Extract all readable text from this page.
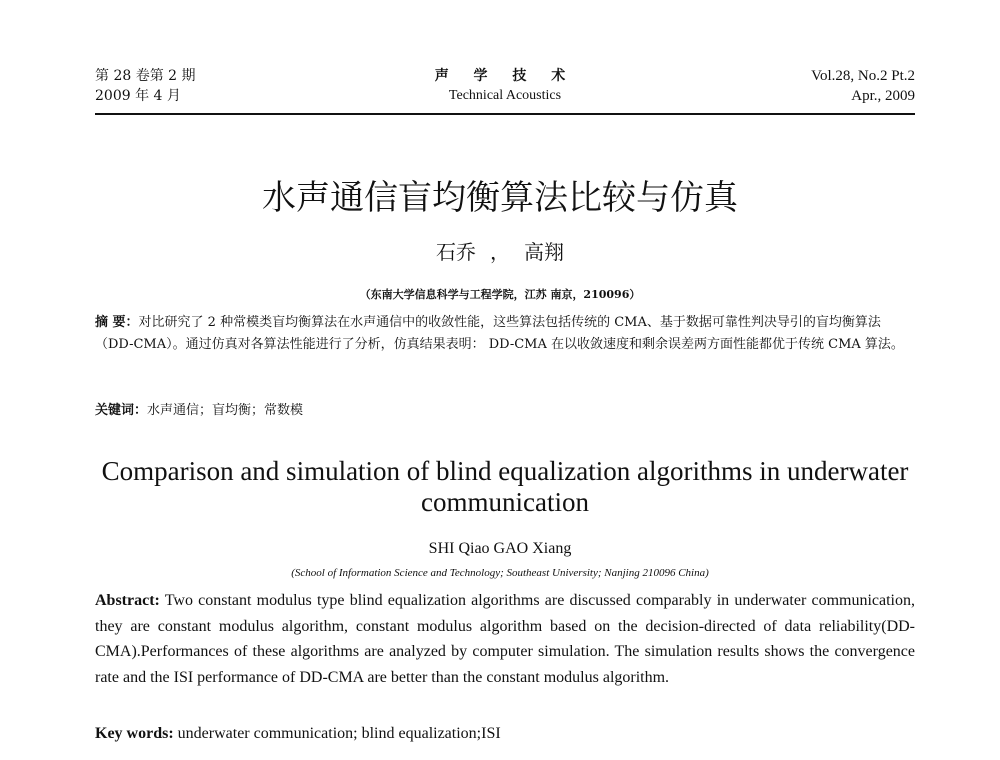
第 28 卷第 2 期
2009 年 4 月
声 学 技 术
Technical Acoustics
Vol.28, No.2 Pt.2
Apr., 2009
水声通信盲均衡算法比较与仿真
石乔 ， 高翔
（东南大学信息科学与工程学院，江苏 南京，210096）
摘 要：对比研究了 2 种常模类盲均衡算法在水声通信中的收敛性能，这些算法包括传统的 CMA、基于数据可靠性判决导引的盲均衡算法（DD-CMA）。通过仿真对各算法性能进行了分析，仿真结果表明： DD-CMA 在以收敛速度和剩余误差两方面性能都优于传统 CMA 算法。
关键词：水声通信；盲均衡；常数模
Comparison and simulation of blind equalization algorithms in underwater communication
SHI Qiao GAO Xiang
(School of Information Science and Technology; Southeast University; Nanjing 210096 China)
Abstract: Two constant modulus type blind equalization algorithms are discussed comparably in underwater communication, they are constant modulus algorithm, constant modulus algorithm based on the decision-directed of data reliability(DD-CMA).Performances of these algorithms are analyzed by computer simulation. The simulation results shows the convergence rate and the ISI performance of DD-CMA are better than the constant modulus algorithm.
Key words: underwater communication; blind equalization;ISI
